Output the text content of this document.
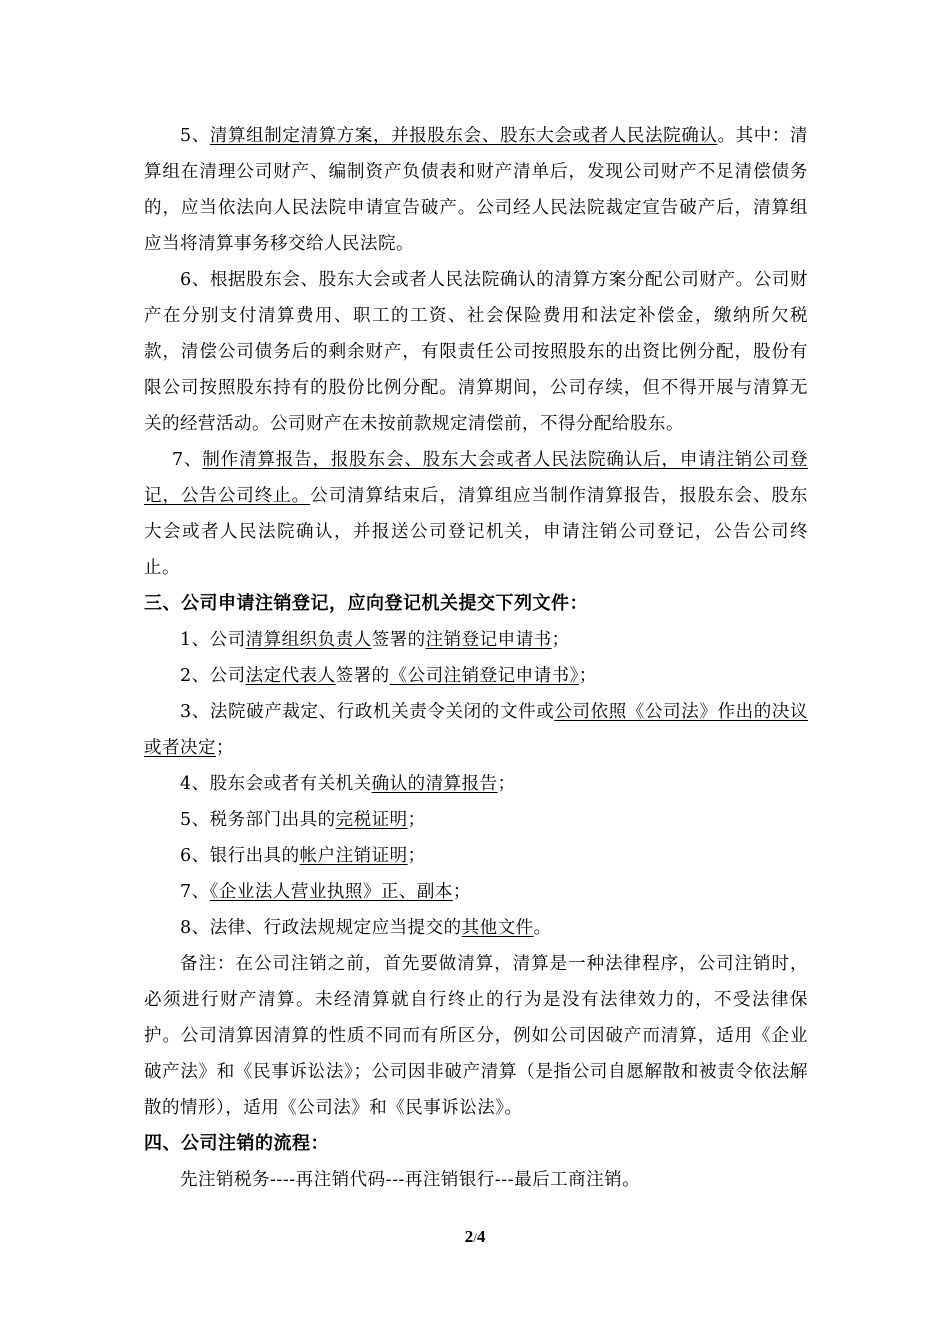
5、清算组制定清算方案，并报股东会、股东大会或者人民法院确认。其中：清算组在清理公司财产、编制资产负债表和财产清单后，发现公司财产不足清偿债务的，应当依法向人民法院申请宣告破产。公司经人民法院裁定宣告破产后，清算组应当将清算事务移交给人民法院。

6、根据股东会、股东大会或者人民法院确认的清算方案分配公司财产。公司财产在分别支付清算费用、职工的工资、社会保险费用和法定补偿金，缴纳所欠税款，清偿公司债务后的剩余财产，有限责任公司按照股东的出资比例分配，股份有限公司按照股东持有的股份比例分配。清算期间，公司存续，但不得开展与清算无关的经营活动。公司财产在未按前款规定清偿前，不得分配给股东。

7、制作清算报告，报股东会、股东大会或者人民法院确认后，申请注销公司登记，公告公司终止。公司清算结束后，清算组应当制作清算报告，报股东会、股东大会或者人民法院确认，并报送公司登记机关，申请注销公司登记，公告公司终止。

三、公司申请注销登记，应向登记机关提交下列文件：

1、公司清算组织负责人签署的注销登记申请书；

2、公司法定代表人签署的《公司注销登记申请书》；

3、法院破产裁定、行政机关责令关闭的文件或公司依照《公司法》作出的决议或者决定；

4、股东会或者有关机关确认的清算报告；

5、税务部门出具的完税证明；

6、银行出具的帐户注销证明；

7、《企业法人营业执照》正、副本；

8、法律、行政法规规定应当提交的其他文件。

备注：在公司注销之前，首先要做清算，清算是一种法律程序，公司注销时，必须进行财产清算。未经清算就自行终止的行为是没有法律效力的，不受法律保护。公司清算因清算的性质不同而有所区分，例如公司因破产而清算，适用《企业破产法》和《民事诉讼法》；公司因非破产清算（是指公司自愿解散和被责令依法解散的情形），适用《公司法》和《民事诉讼法》。

四、公司注销的流程：

先注销税务----再注销代码---再注销银行---最后工商注销。

2/4
